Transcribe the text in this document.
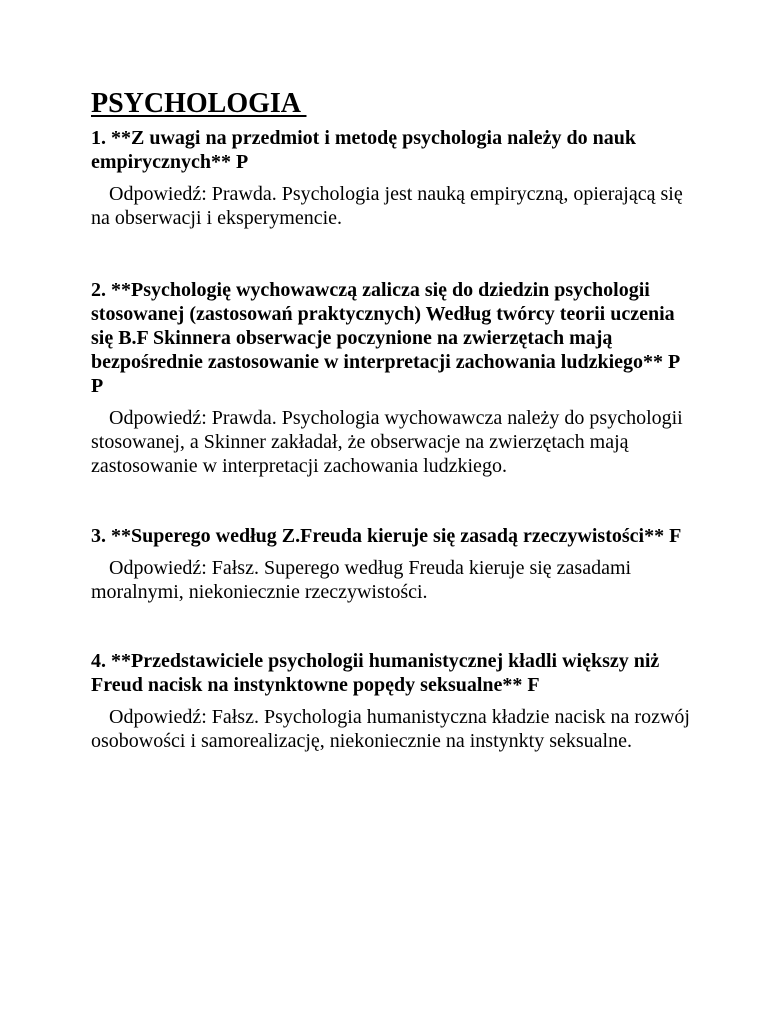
PSYCHOLOGIA

1. **Z uwagi na przedmiot i metodę psychologia należy do nauk empirycznych** P

Odpowiedź: Prawda. Psychologia jest nauką empiryczną, opierającą się na obserwacji i eksperymencie.

2. **Psychologię wychowawczą zalicza się do dziedzin psychologii stosowanej (zastosowań praktycznych) Według twórcy teorii uczenia się B.F Skinnera obserwacje poczynione na zwierzętach mają bezpośrednie zastosowanie w interpretacji zachowania ludzkiego** P P

Odpowiedź: Prawda. Psychologia wychowawcza należy do psychologii stosowanej, a Skinner zakładał, że obserwacje na zwierzętach mają zastosowanie w interpretacji zachowania ludzkiego.

3. **Superego według Z.Freuda kieruje się zasadą rzeczywistości** F

Odpowiedź: Fałsz. Superego według Freuda kieruje się zasadami moralnymi, niekoniecznie rzeczywistości.

4. **Przedstawiciele psychologii humanistycznej kładli większy niż Freud nacisk na instynktowne popędy seksualne** F

Odpowiedź: Fałsz. Psychologia humanistyczna kładzie nacisk na rozwój osobowości i samorealizację, niekoniecznie na instynkty seksualne.
